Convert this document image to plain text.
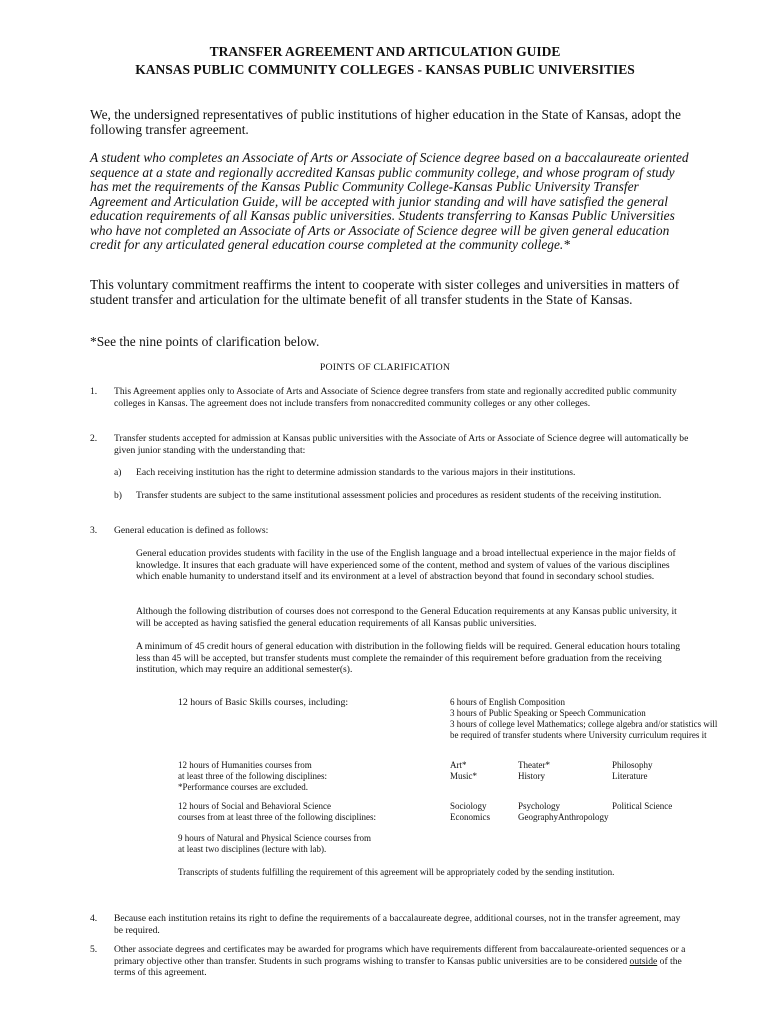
TRANSFER AGREEMENT AND ARTICULATION GUIDE
KANSAS PUBLIC COMMUNITY COLLEGES - KANSAS PUBLIC UNIVERSITIES
We, the undersigned representatives of public institutions of higher education in the State of Kansas, adopt the following transfer agreement.
A student who completes an Associate of Arts or Associate of Science degree based on a baccalaureate oriented sequence at a state and regionally accredited Kansas public community college, and whose program of study has met the requirements of the Kansas Public Community College-Kansas Public University Transfer Agreement and Articulation Guide, will be accepted with junior standing and will have satisfied the general education requirements of all Kansas public universities. Students transferring to Kansas Public Universities who have not completed an Associate of Arts or Associate of Science degree will be given general education credit for any articulated general education course completed at the community college.*
This voluntary commitment reaffirms the intent to cooperate with sister colleges and universities in matters of student transfer and articulation for the ultimate benefit of all transfer students in the State of Kansas.
*See the nine points of clarification below.
POINTS OF CLARIFICATION
1. This Agreement applies only to Associate of Arts and Associate of Science degree transfers from state and regionally accredited public community colleges in Kansas. The agreement does not include transfers from nonaccredited community colleges or any other colleges.
2. Transfer students accepted for admission at Kansas public universities with the Associate of Arts or Associate of Science degree will automatically be given junior standing with the understanding that:
a) Each receiving institution has the right to determine admission standards to the various majors in their institutions.
b) Transfer students are subject to the same institutional assessment policies and procedures as resident students of the receiving institution.
3. General education is defined as follows:
General education provides students with facility in the use of the English language and a broad intellectual experience in the major fields of knowledge. It insures that each graduate will have experienced some of the content, method and system of values of the various disciplines which enable humanity to understand itself and its environment at a level of abstraction beyond that found in secondary school studies.
Although the following distribution of courses does not correspond to the General Education requirements at any Kansas public university, it will be accepted as having satisfied the general education requirements of all Kansas public universities.
A minimum of 45 credit hours of general education with distribution in the following fields will be required. General education hours totaling less than 45 will be accepted, but transfer students must complete the remainder of this requirement before graduation from the receiving institution, which may require an additional semester(s).
12 hours of Basic Skills courses, including:	6 hours of English Composition
3 hours of Public Speaking or Speech Communication
3 hours of college level Mathematics; college algebra and/or statistics will be required of transfer students where University curriculum requires it
12 hours of Humanities courses from
at least three of the following disciplines:
*Performance courses are excluded.
Art*
Music*
Theater*
History
Philosophy
Literature
12 hours of Social and Behavioral Science
courses from at least three of the following disciplines:
Sociology
Economics
Psychology
GeographyAnthropology
Political Science
9 hours of Natural and Physical Science courses from
at least two disciplines (lecture with lab).
Transcripts of students fulfilling the requirement of this agreement will be appropriately coded by the sending institution.
4. Because each institution retains its right to define the requirements of a baccalaureate degree, additional courses, not in the transfer agreement, may be required.
5. Other associate degrees and certificates may be awarded for programs which have requirements different from baccalaureate-oriented sequences or a primary objective other than transfer. Students in such programs wishing to transfer to Kansas public universities are to be considered outside of the terms of this agreement.
